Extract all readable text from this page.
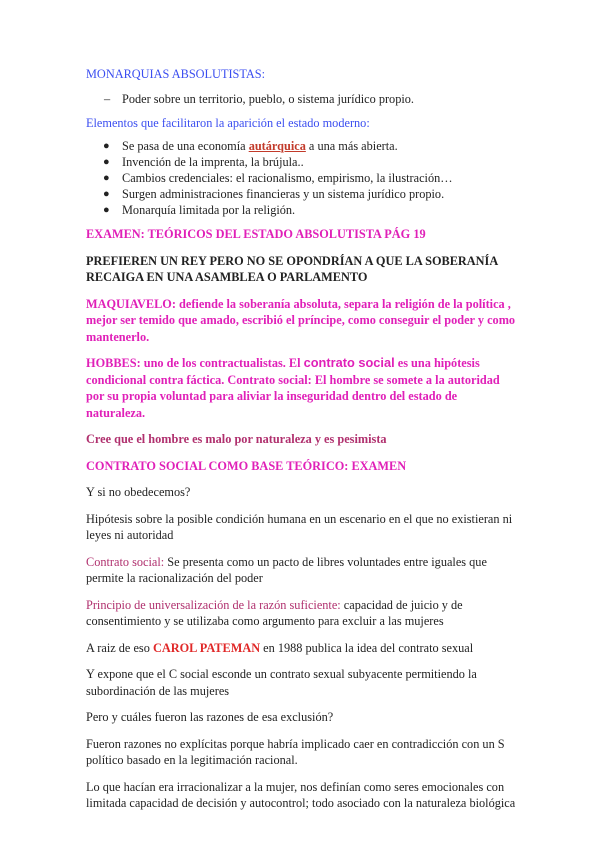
MONARQUIAS ABSOLUTISTAS:

– Poder sobre un territorio, pueblo, o sistema jurídico propio.

Elementos que facilitaron la aparición el estado moderno:

● Se pasa de una economía autárquica a una más abierta.
● Invención de la imprenta, la brújula..
● Cambios credenciales: el racionalismo, empirismo, la ilustración…
● Surgen administraciones financieras y un sistema jurídico propio.
● Monarquía limitada por la religión.

EXAMEN: TEÓRICOS DEL ESTADO ABSOLUTISTA PÁG 19

PREFIEREN UN REY PERO NO SE OPONDRÍAN A QUE LA SOBERANÍA RECAIGA EN UNA ASAMBLEA O PARLAMENTO

MAQUIAVELO: defiende la soberanía absoluta, separa la religión de la política , mejor ser temido que amado, escribió el príncipe, como conseguir el poder y como mantenerlo.

HOBBES: uno de los contractualistas. El contrato social es una hipótesis condicional contra fáctica. Contrato social: El hombre se somete a la autoridad por su propia voluntad para aliviar la inseguridad dentro del estado de naturaleza.

Cree que el hombre es malo por naturaleza y es pesimista

CONTRATO SOCIAL COMO BASE TEÓRICO: EXAMEN

Y si no obedecemos?

Hipótesis sobre la posible condición humana en un escenario en el que no existieran ni leyes ni autoridad

Contrato social: Se presenta como un pacto de libres voluntades entre iguales que permite la racionalización del poder

Principio de universalización de la razón suficiente: capacidad de juicio y de consentimiento y se utilizaba como argumento para excluir a las mujeres

A raiz de eso CAROL PATEMAN en 1988 publica la idea del contrato sexual

Y expone que el C social esconde un contrato sexual subyacente permitiendo la subordinación de las mujeres

Pero y cuáles fueron las razones de esa exclusión?

Fueron razones no explícitas porque habría implicado caer en contradicción con un S político basado en la legitimación racional.

Lo que hacían era irracionalizar a la mujer, nos definían como seres emocionales con limitada capacidad de decisión y autocontrol; todo asociado con la naturaleza biológica
